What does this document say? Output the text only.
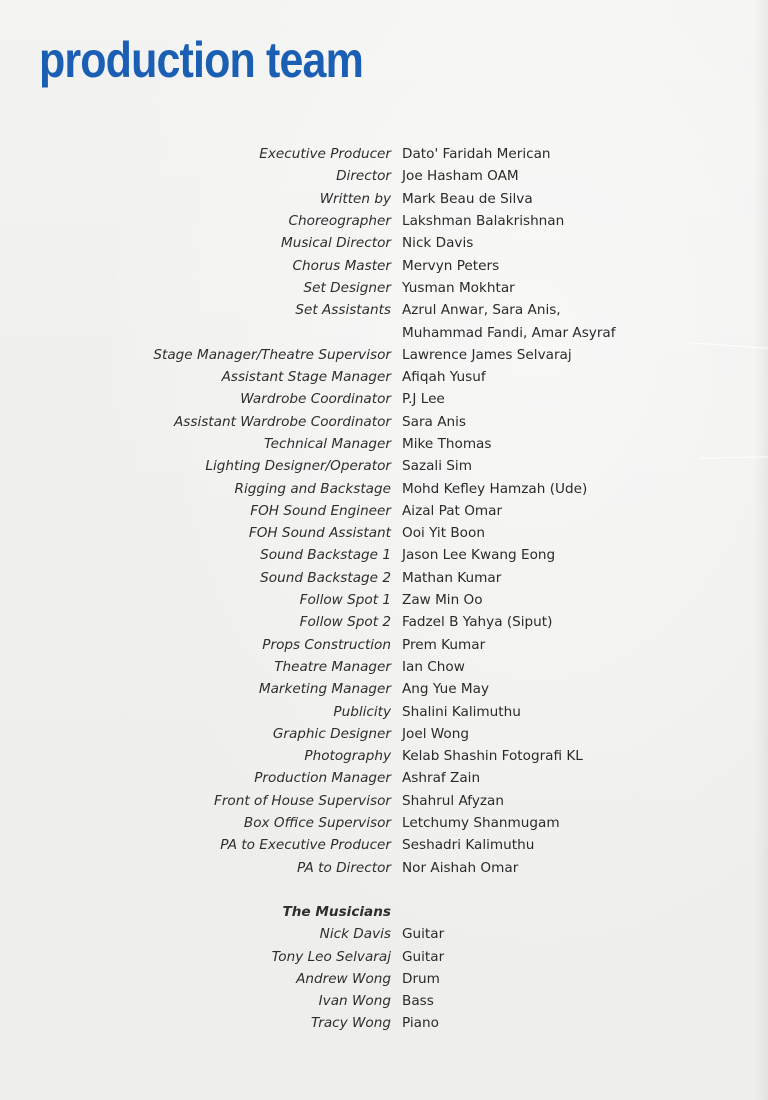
production team
Executive Producer Dato' Faridah Merican
Director Joe Hasham OAM
Written by Mark Beau de Silva
Choreographer Lakshman Balakrishnan
Musical Director Nick Davis
Chorus Master Mervyn Peters
Set Designer Yusman Mokhtar
Set Assistants Azrul Anwar, Sara Anis,
Muhammad Fandi, Amar Asyraf
Stage Manager/Theatre Supervisor Lawrence James Selvaraj
Assistant Stage Manager Afiqah Yusuf
Wardrobe Coordinator P.J Lee
Assistant Wardrobe Coordinator Sara Anis
Technical Manager Mike Thomas
Lighting Designer/Operator Sazali Sim
Rigging and Backstage Mohd Kefley Hamzah (Ude)
FOH Sound Engineer Aizal Pat Omar
FOH Sound Assistant Ooi Yit Boon
Sound Backstage 1 Jason Lee Kwang Eong
Sound Backstage 2 Mathan Kumar
Follow Spot 1 Zaw Min Oo
Follow Spot 2 Fadzel B Yahya (Siput)
Props Construction Prem Kumar
Theatre Manager Ian Chow
Marketing Manager Ang Yue May
Publicity Shalini Kalimuthu
Graphic Designer Joel Wong
Photography Kelab Shashin Fotografi KL
Production Manager Ashraf Zain
Front of House Supervisor Shahrul Afyzan
Box Office Supervisor Letchumy Shanmugam
PA to Executive Producer Seshadri Kalimuthu
PA to Director Nor Aishah Omar
The Musicians
Nick Davis Guitar
Tony Leo Selvaraj Guitar
Andrew Wong Drum
Ivan Wong Bass
Tracy Wong Piano
